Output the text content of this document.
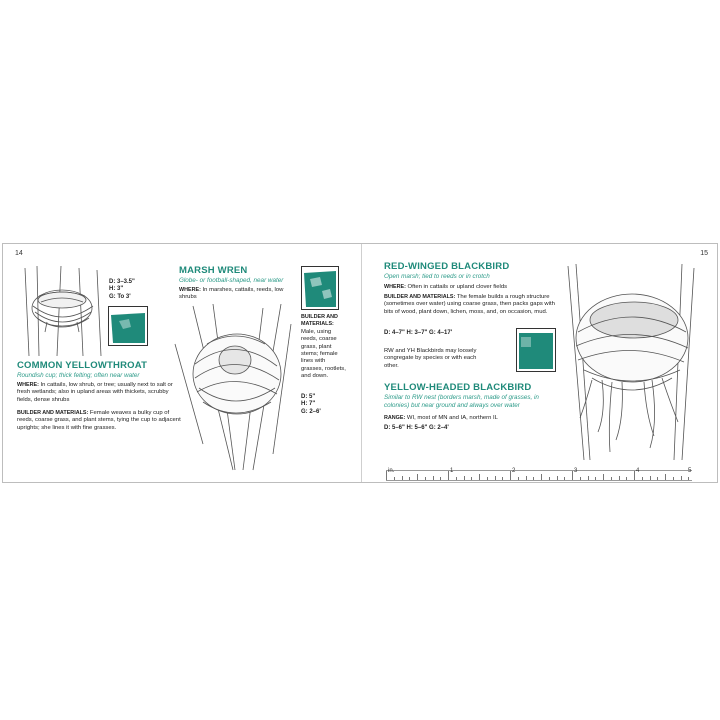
14
D: 3–3.5"
H: 3"
G: To 3'
COMMON YELLOWTHROAT
Roundish cup; thick felting; often near water
WHERE: In cattails, low shrub, or tree; usually next to salt or fresh wetlands; also in upland areas with thickets, scrubby fields, dense shrubs
BUILDER AND MATERIALS: Female weaves a bulky cup of reeds, coarse grass, and plant stems, tying the cup to adjacent uprights; she lines it with fine grasses.
MARSH WREN
Globe- or football-shaped, near water
WHERE: In marshes, cattails, reeds, low shrubs
BUILDER AND MATERIALS: Male, using reeds, coarse grass, plant stems; female lines with grasses, rootlets, and down.
D: 5"
H: 7"
G: 2–6'
15
RED-WINGED BLACKBIRD
Open marsh; tied to reeds or in crotch
WHERE: Often in cattails or upland clover fields
BUILDER AND MATERIALS: The female builds a rough structure (sometimes over water) using coarse grass, then packs gaps with bits of wood, plant down, lichen, moss, and, on occasion, mud.
D: 4–7" H: 3–7" G: 4–17'
RW and YH Blackbirds may loosely congregate by species or with each other.
YELLOW-HEADED BLACKBIRD
Similar to RW nest (borders marsh, made of grasses, in colonies) but near ground and always over water
RANGE: WI, most of MN and IA, northern IL
D: 5–6" H: 5–6" G: 2–4'
in.	1	2	3	4	5
